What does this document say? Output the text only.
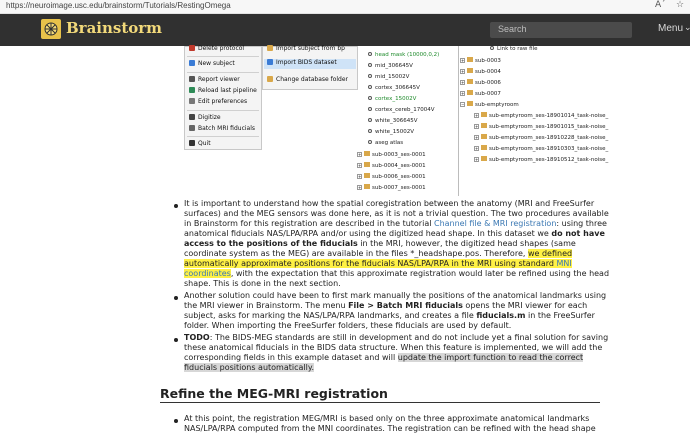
https://neuroimage.usc.edu/brainstorm/Tutorials/RestingOmega	A´ ☆
Brainstorm	Search	Menu ⌄
Delete protocol
New subject
Report viewer
Reload last pipeline
Edit preferences
Digitize
Batch MRI fiducials
Quit
Import subject from bp
Import BIDS dataset
Change database folder
head mask (10000,0,2)
mid_306645V
mid_15002V
cortex_306645V
cortex_15002V
cortex_cereb_17004V
white_306645V
white_15002V
aseg atlas
+ sub-0003_ses-0001
+ sub-0004_ses-0001
+ sub-0006_ses-0001
+ sub-0007_ses-0001
Link to raw file
+ sub-0003
+ sub-0004
+ sub-0006
+ sub-0007
− sub-emptyroom
+ sub-emptyroom_ses-18901014_task-noise_
+ sub-emptyroom_ses-18901015_task-noise_
+ sub-emptyroom_ses-18910228_task-noise_
+ sub-emptyroom_ses-18910303_task-noise_
+ sub-emptyroom_ses-18910512_task-noise_
It is important to understand how the spatial coregistration between the anatomy (MRI and FreeSurfer surfaces) and the MEG sensors was done here, as it is not a trivial question. The two procedures available in Brainstorm for this registration are described in the tutorial Channel file & MRI registration: using three anatomical fiducials NAS/LPA/RPA and/or using the digitized head shape. In this dataset we do not have access to the positions of the fiducials in the MRI, however, the digitized head shapes (same coordinate system as the MEG) are available in the files *_headshape.pos. Therefore, we defined automatically approximate positions for the fiducials NAS/LPA/RPA in the MRI using standard MNI coordinates, with the expectation that this approximate registration would later be refined using the head shape. This is done in the next section.
Another solution could have been to first mark manually the positions of the anatomical landmarks using the MRI viewer in Brainstorm. The menu File > Batch MRI fiducials opens the MRI viewer for each subject, asks for marking the NAS/LPA/RPA landmarks, and creates a file fiducials.m in the FreeSurfer folder. When importing the FreeSurfer folders, these fiducials are used by default.
TODO: The BIDS-MEG standards are still in development and do not include yet a final solution for saving these anatomical fiducials in the BIDS data structure. When this feature is implemented, we will add the corresponding fields in this example dataset and will update the import function to read the correct fiducials positions automatically.
Refine the MEG-MRI registration
At this point, the registration MEG/MRI is based only on the three approximate anatomical landmarks NAS/LPA/RPA computed from the MNI coordinates. The registration can be refined with the head shape
